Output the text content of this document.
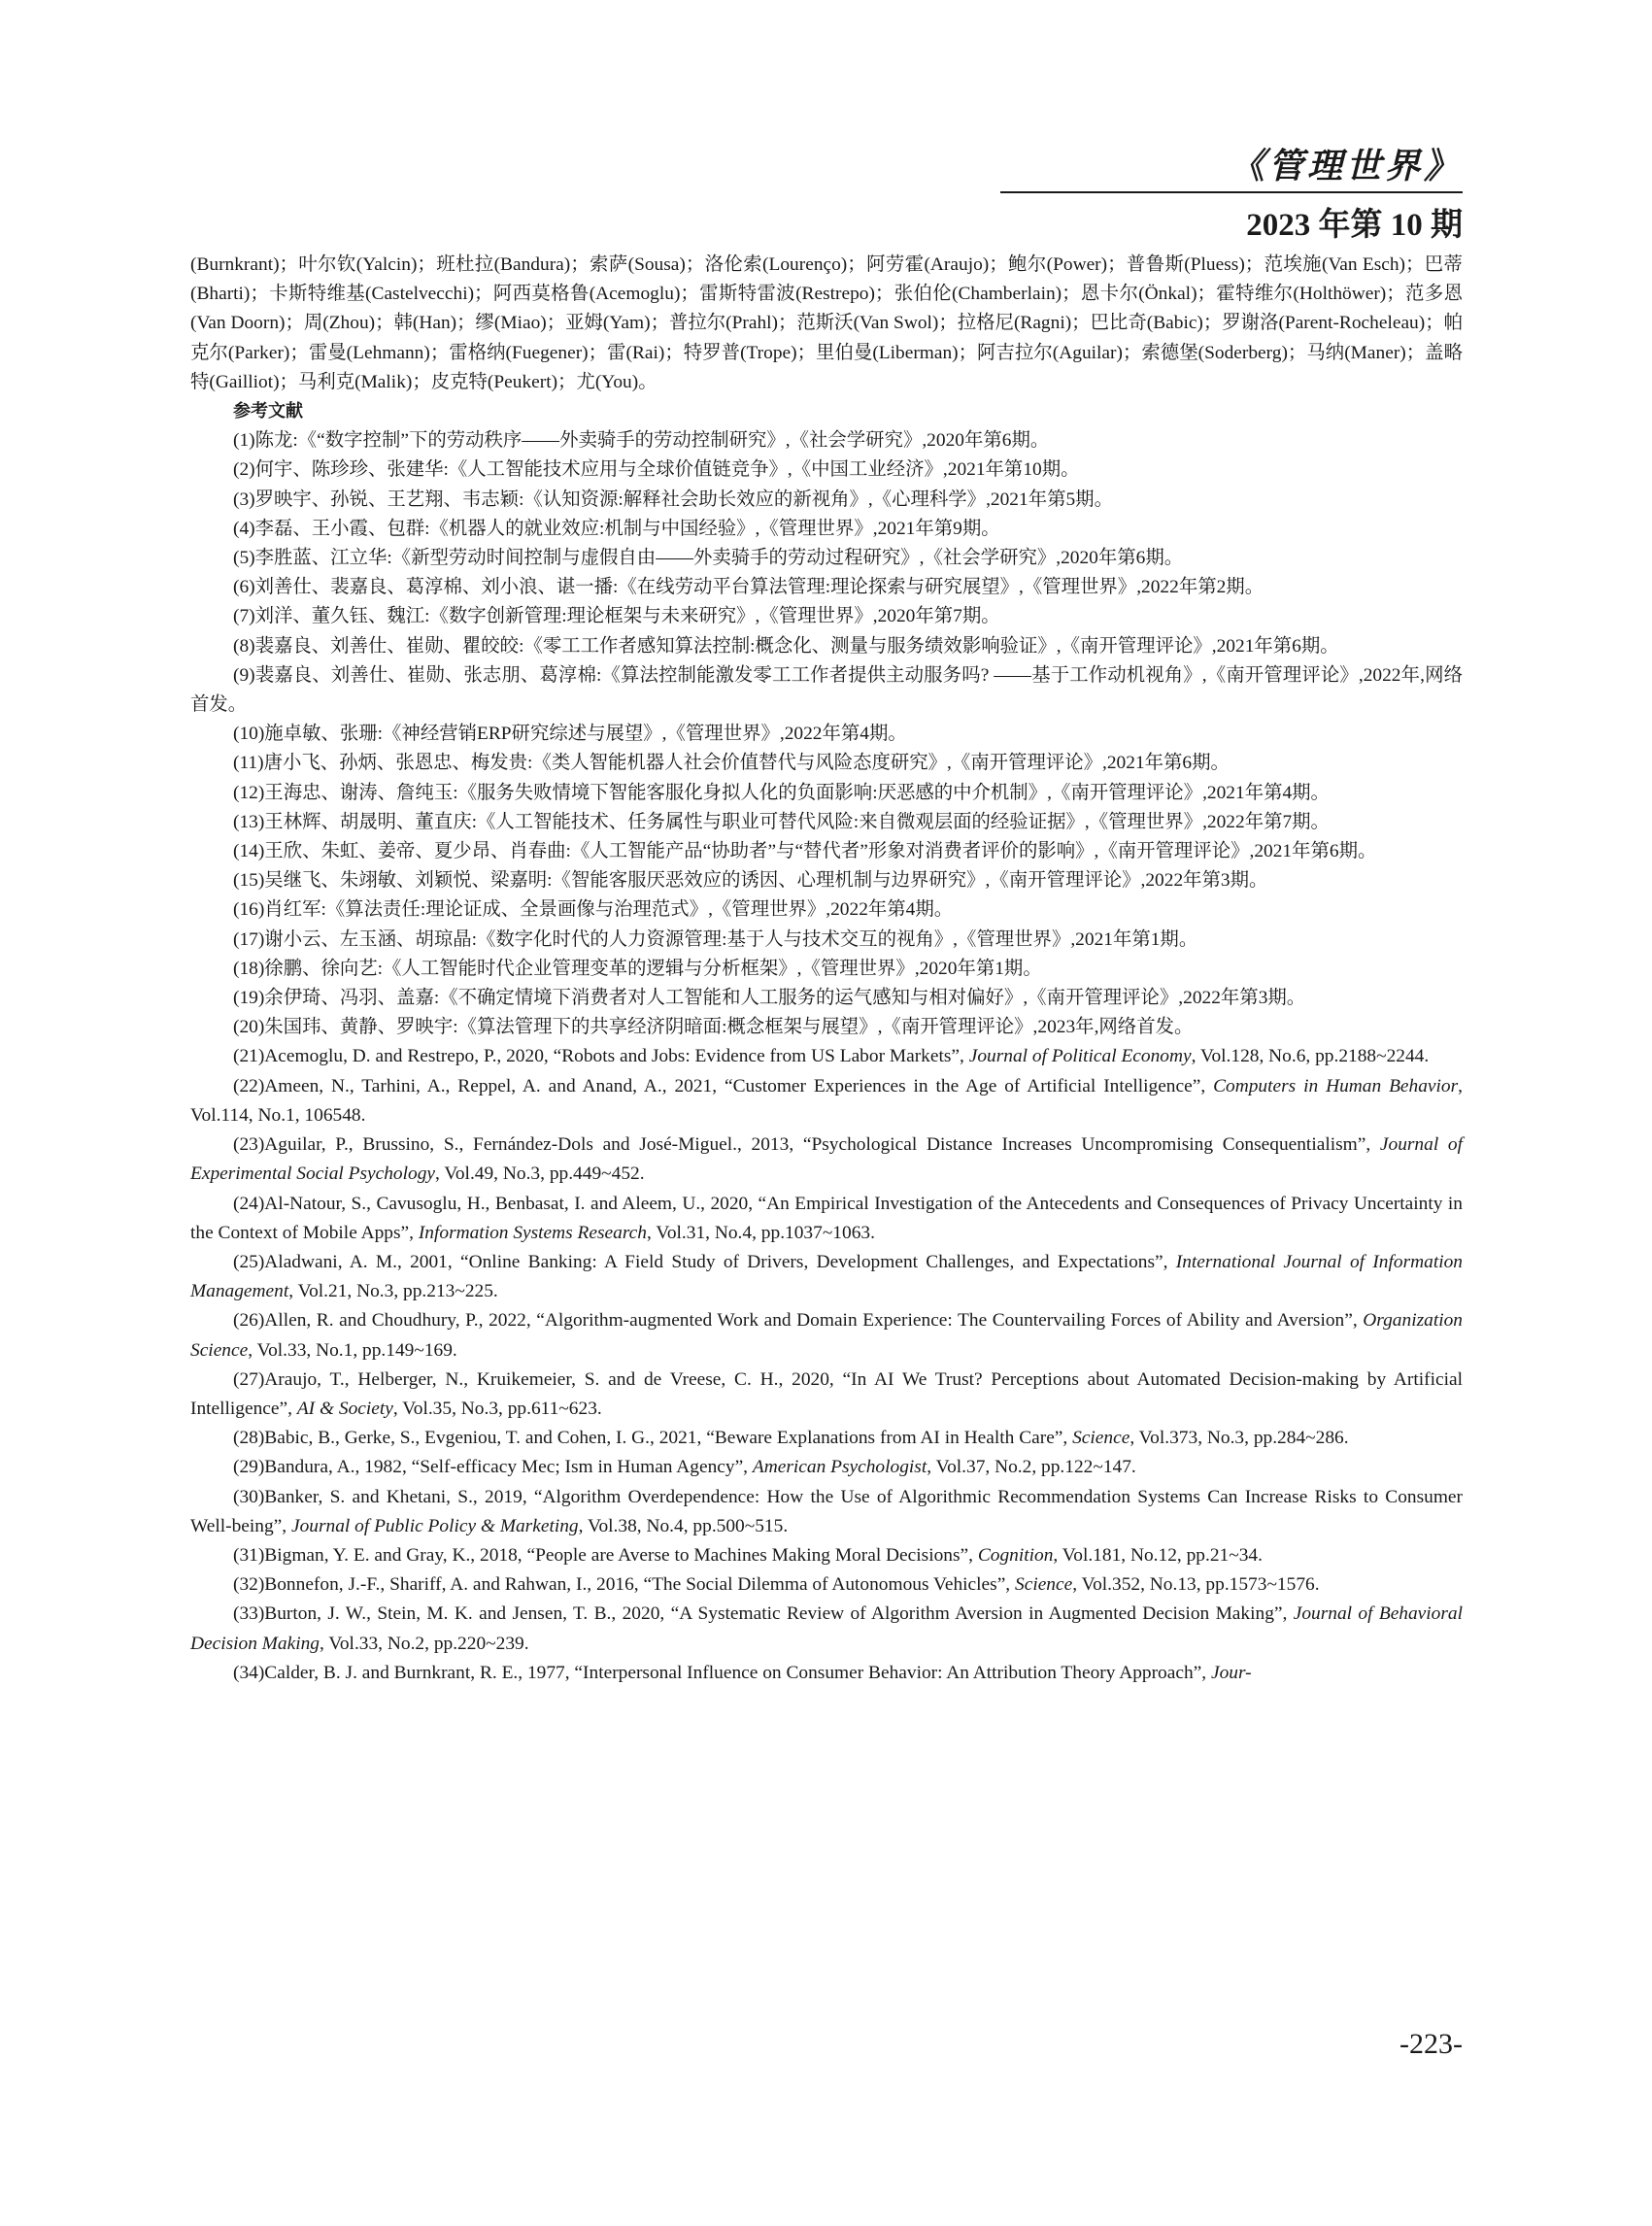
《管理世界》
2023 年第 10 期

(Burnkrant)；叶尔钦(Yalcin)；班杜拉(Bandura)；索萨(Sousa)；洛伦索(Lourenço)；阿劳霍(Araujo)；鲍尔(Power)；普鲁斯(Pluess)；范埃施(Van Esch)；巴蒂(Bharti)；卡斯特维基(Castelvecchi)；阿西莫格鲁(Acemoglu)；雷斯特雷波(Restrepo)；张伯伦(Chamberlain)；恩卡尔(Önkal)；霍特维尔(Holthöwer)；范多恩(Van Doorn)；周(Zhou)；韩(Han)；缪(Miao)；亚姆(Yam)；普拉尔(Prahl)；范斯沃(Van Swol)；拉格尼(Ragni)；巴比奇(Babic)；罗谢洛(Parent-Rocheleau)；帕克尔(Parker)；雷曼(Lehmann)；雷格纳(Fuegener)；雷(Rai)；特罗普(Trope)；里伯曼(Liberman)；阿吉拉尔(Aguilar)；索德堡(Soderberg)；马纳(Maner)；盖略特(Gailliot)；马利克(Malik)；皮克特(Peukert)；尤(You)。

参考文献

(1)陈龙:《“数字控制”下的劳动秩序——外卖骑手的劳动控制研究》,《社会学研究》,2020年第6期。

(2)何宇、陈珍珍、张建华:《人工智能技术应用与全球价值链竞争》,《中国工业经济》,2021年第10期。

(3)罗映宇、孙锐、王艺翔、韦志颖:《认知资源:解释社会助长效应的新视角》,《心理科学》,2021年第5期。

(4)李磊、王小霞、包群:《机器人的就业效应:机制与中国经验》,《管理世界》,2021年第9期。

(5)李胜蓝、江立华:《新型劳动时间控制与虚假自由——外卖骑手的劳动过程研究》,《社会学研究》,2020年第6期。

(6)刘善仕、裴嘉良、葛淳棉、刘小浪、谌一播:《在线劳动平台算法管理:理论探索与研究展望》,《管理世界》,2022年第2期。

(7)刘洋、董久钰、魏江:《数字创新管理:理论框架与未来研究》,《管理世界》,2020年第7期。

(8)裴嘉良、刘善仕、崔勋、瞿皎皎:《零工工作者感知算法控制:概念化、测量与服务绩效影响验证》,《南开管理评论》,2021年第6期。

(9)裴嘉良、刘善仕、崔勋、张志朋、葛淳棉:《算法控制能激发零工工作者提供主动服务吗? ——基于工作动机视角》,《南开管理评论》,2022年,网络首发。

(10)施卓敏、张珊:《神经营销ERP研究综述与展望》,《管理世界》,2022年第4期。

(11)唐小飞、孙炳、张恩忠、梅发贵:《类人智能机器人社会价值替代与风险态度研究》,《南开管理评论》,2021年第6期。

(12)王海忠、谢涛、詹纯玉:《服务失败情境下智能客服化身拟人化的负面影响:厌恶感的中介机制》,《南开管理评论》,2021年第4期。

(13)王林辉、胡晟明、董直庆:《人工智能技术、任务属性与职业可替代风险:来自微观层面的经验证据》,《管理世界》,2022年第7期。

(14)王欣、朱虹、姜帝、夏少昂、肖春曲:《人工智能产品“协助者”与“替代者”形象对消费者评价的影响》,《南开管理评论》,2021年第6期。

(15)吴继飞、朱翊敏、刘颖悦、梁嘉明:《智能客服厌恶效应的诱因、心理机制与边界研究》,《南开管理评论》,2022年第3期。

(16)肖红军:《算法责任:理论证成、全景画像与治理范式》,《管理世界》,2022年第4期。

(17)谢小云、左玉涵、胡琼晶:《数字化时代的人力资源管理:基于人与技术交互的视角》,《管理世界》,2021年第1期。

(18)徐鹏、徐向艺:《人工智能时代企业管理变革的逻辑与分析框架》,《管理世界》,2020年第1期。

(19)余伊琦、冯羽、盖嘉:《不确定情境下消费者对人工智能和人工服务的运气感知与相对偏好》,《南开管理评论》,2022年第3期。

(20)朱国玮、黄静、罗映宇:《算法管理下的共享经济阴暗面:概念框架与展望》,《南开管理评论》,2023年,网络首发。

(21)Acemoglu, D. and Restrepo, P., 2020, “Robots and Jobs: Evidence from US Labor Markets”, Journal of Political Economy, Vol.128, No.6, pp.2188~2244.

(22)Ameen, N., Tarhini, A., Reppel, A. and Anand, A., 2021, “Customer Experiences in the Age of Artificial Intelligence”, Computers in Human Behavior, Vol.114, No.1, 106548.

(23)Aguilar, P., Brussino, S., Fernández-Dols and José-Miguel., 2013, “Psychological Distance Increases Uncompromising Consequentialism”, Journal of Experimental Social Psychology, Vol.49, No.3, pp.449~452.

(24)Al-Natour, S., Cavusoglu, H., Benbasat, I. and Aleem, U., 2020, “An Empirical Investigation of the Antecedents and Consequences of Privacy Uncertainty in the Context of Mobile Apps”, Information Systems Research, Vol.31, No.4, pp.1037~1063.

(25)Aladwani, A. M., 2001, “Online Banking: A Field Study of Drivers, Development Challenges, and Expectations”, International Journal of Information Management, Vol.21, No.3, pp.213~225.

(26)Allen, R. and Choudhury, P., 2022, “Algorithm-augmented Work and Domain Experience: The Countervailing Forces of Ability and Aversion”, Organization Science, Vol.33, No.1, pp.149~169.

(27)Araujo, T., Helberger, N., Kruikemeier, S. and de Vreese, C. H., 2020, “In AI We Trust? Perceptions about Automated Decision-making by Artificial Intelligence”, AI & Society, Vol.35, No.3, pp.611~623.

(28)Babic, B., Gerke, S., Evgeniou, T. and Cohen, I. G., 2021, “Beware Explanations from AI in Health Care”, Science, Vol.373, No.3, pp.284~286.

(29)Bandura, A., 1982, “Self-efficacy Mec; Ism in Human Agency”, American Psychologist, Vol.37, No.2, pp.122~147.

(30)Banker, S. and Khetani, S., 2019, “Algorithm Overdependence: How the Use of Algorithmic Recommendation Systems Can Increase Risks to Consumer Well-being”, Journal of Public Policy & Marketing, Vol.38, No.4, pp.500~515.

(31)Bigman, Y. E. and Gray, K., 2018, “People are Averse to Machines Making Moral Decisions”, Cognition, Vol.181, No.12, pp.21~34.

(32)Bonnefon, J.-F., Shariff, A. and Rahwan, I., 2016, “The Social Dilemma of Autonomous Vehicles”, Science, Vol.352, No.13, pp.1573~1576.

(33)Burton, J. W., Stein, M. K. and Jensen, T. B., 2020, “A Systematic Review of Algorithm Aversion in Augmented Decision Making”, Journal of Behavioral Decision Making, Vol.33, No.2, pp.220~239.

(34)Calder, B. J. and Burnkrant, R. E., 1977, “Interpersonal Influence on Consumer Behavior: An Attribution Theory Approach”, Jour-

-223-
